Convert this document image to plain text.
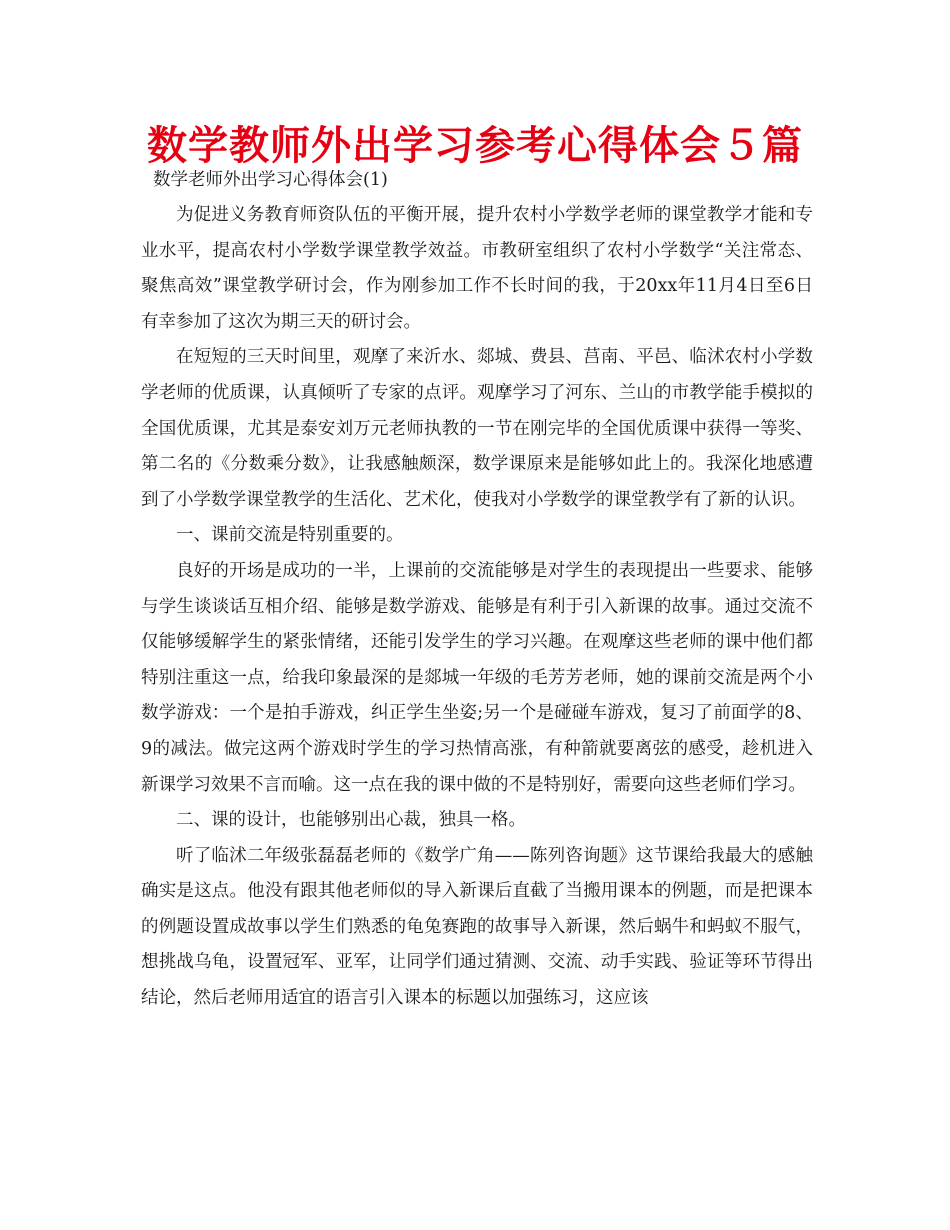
数学教师外出学习参考心得体会５篇

数学老师外出学习心得体会(1)

为促进义务教育师资队伍的平衡开展，提升农村小学数学老师的课堂教学才能和专业水平，提高农村小学数学课堂教学效益。市教研室组织了农村小学数学“关注常态、聚焦高效”课堂教学研讨会，作为刚参加工作不长时间的我，于20xx年11月4日至6日有幸参加了这次为期三天的研讨会。

在短短的三天时间里，观摩了来沂水、郯城、费县、莒南、平邑、临沭农村小学数学老师的优质课，认真倾听了专家的点评。观摩学习了河东、兰山的市教学能手模拟的全国优质课，尤其是泰安刘万元老师执教的一节在刚完毕的全国优质课中获得一等奖、第二名的《分数乘分数》，让我感触颇深，数学课原来是能够如此上的。我深化地感遭到了小学数学课堂教学的生活化、艺术化，使我对小学数学的课堂教学有了新的认识。

一、课前交流是特别重要的。

良好的开场是成功的一半，上课前的交流能够是对学生的表现提出一些要求、能够与学生谈谈话互相介绍、能够是数学游戏、能够是有利于引入新课的故事。通过交流不仅能够缓解学生的紧张情绪，还能引发学生的学习兴趣。在观摩这些老师的课中他们都特别注重这一点，给我印象最深的是郯城一年级的毛芳芳老师，她的课前交流是两个小数学游戏：一个是拍手游戏，纠正学生坐姿;另一个是碰碰车游戏，复习了前面学的8、9的减法。做完这两个游戏时学生的学习热情高涨，有种箭就要离弦的感受，趁机进入新课学习效果不言而喻。这一点在我的课中做的不是特别好，需要向这些老师们学习。

二、课的设计，也能够别出心裁，独具一格。

听了临沭二年级张磊磊老师的《数学广角——陈列咨询题》这节课给我最大的感触确实是这点。他没有跟其他老师似的导入新课后直截了当搬用课本的例题，而是把课本的例题设置成故事以学生们熟悉的龟兔赛跑的故事导入新课，然后蜗牛和蚂蚁不服气，想挑战乌龟，设置冠军、亚军，让同学们通过猜测、交流、动手实践、验证等环节得出结论，然后老师用适宜的语言引入课本的标题以加强练习，这应该
